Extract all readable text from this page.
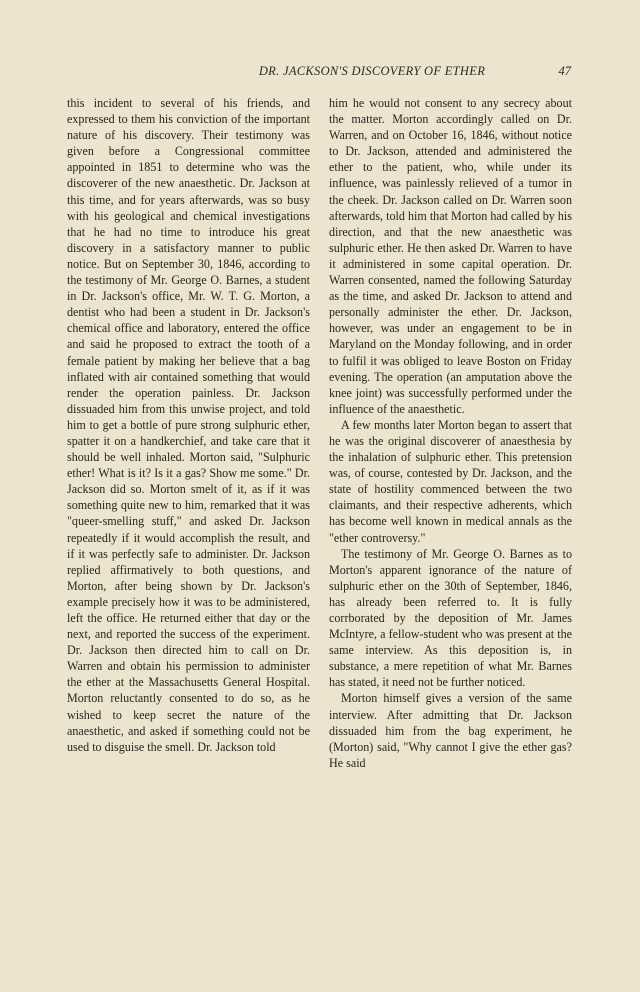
DR. JACKSON'S DISCOVERY OF ETHER	47

this incident to several of his friends, and expressed to them his conviction of the important nature of his discovery. Their testimony was given before a Congressional committee appointed in 1851 to determine who was the discoverer of the new anaesthetic. Dr. Jackson at this time, and for years afterwards, was so busy with his geological and chemical investigations that he had no time to introduce his great discovery in a satisfactory manner to public notice. But on September 30, 1846, according to the testimony of Mr. George O. Barnes, a student in Dr. Jackson's office, Mr. W. T. G. Morton, a dentist who had been a student in Dr. Jackson's chemical office and laboratory, entered the office and said he proposed to extract the tooth of a female patient by making her believe that a bag inflated with air contained something that would render the operation painless. Dr. Jackson dissuaded him from this unwise project, and told him to get a bottle of pure strong sulphuric ether, spatter it on a handkerchief, and take care that it should be well inhaled. Morton said, "Sulphuric ether! What is it? Is it a gas? Show me some." Dr. Jackson did so. Morton smelt of it, as if it was something quite new to him, remarked that it was "queer-smelling stuff," and asked Dr. Jackson repeatedly if it would accomplish the result, and if it was perfectly safe to administer. Dr. Jackson replied affirmatively to both questions, and Morton, after being shown by Dr. Jackson's example precisely how it was to be administered, left the office. He returned either that day or the next, and reported the success of the experiment. Dr. Jackson then directed him to call on Dr. Warren and obtain his permission to administer the ether at the Massachusetts General Hospital. Morton reluctantly consented to do so, as he wished to keep secret the nature of the anaesthetic, and asked if something could not be used to disguise the smell. Dr. Jackson told

him he would not consent to any secrecy about the matter. Morton accordingly called on Dr. Warren, and on October 16, 1846, without notice to Dr. Jackson, attended and administered the ether to the patient, who, while under its influence, was painlessly relieved of a tumor in the cheek. Dr. Jackson called on Dr. Warren soon afterwards, told him that Morton had called by his direction, and that the new anaesthetic was sulphuric ether. He then asked Dr. Warren to have it administered in some capital operation. Dr. Warren consented, named the following Saturday as the time, and asked Dr. Jackson to attend and personally administer the ether. Dr. Jackson, however, was under an engagement to be in Maryland on the Monday following, and in order to fulfil it was obliged to leave Boston on Friday evening. The operation (an amputation above the knee joint) was successfully performed under the influence of the anaesthetic.

A few months later Morton began to assert that he was the original discoverer of anaesthesia by the inhalation of sulphuric ether. This pretension was, of course, contested by Dr. Jackson, and the state of hostility commenced between the two claimants, and their respective adherents, which has become well known in medical annals as the "ether controversy."

The testimony of Mr. George O. Barnes as to Morton's apparent ignorance of the nature of sulphuric ether on the 30th of September, 1846, has already been referred to. It is fully corrborated by the deposition of Mr. James McIntyre, a fellow-student who was present at the same interview. As this deposition is, in substance, a mere repetition of what Mr. Barnes has stated, it need not be further noticed.

Morton himself gives a version of the same interview. After admitting that Dr. Jackson dissuaded him from the bag experiment, he (Morton) said, "Why cannot I give the ether gas? He said
